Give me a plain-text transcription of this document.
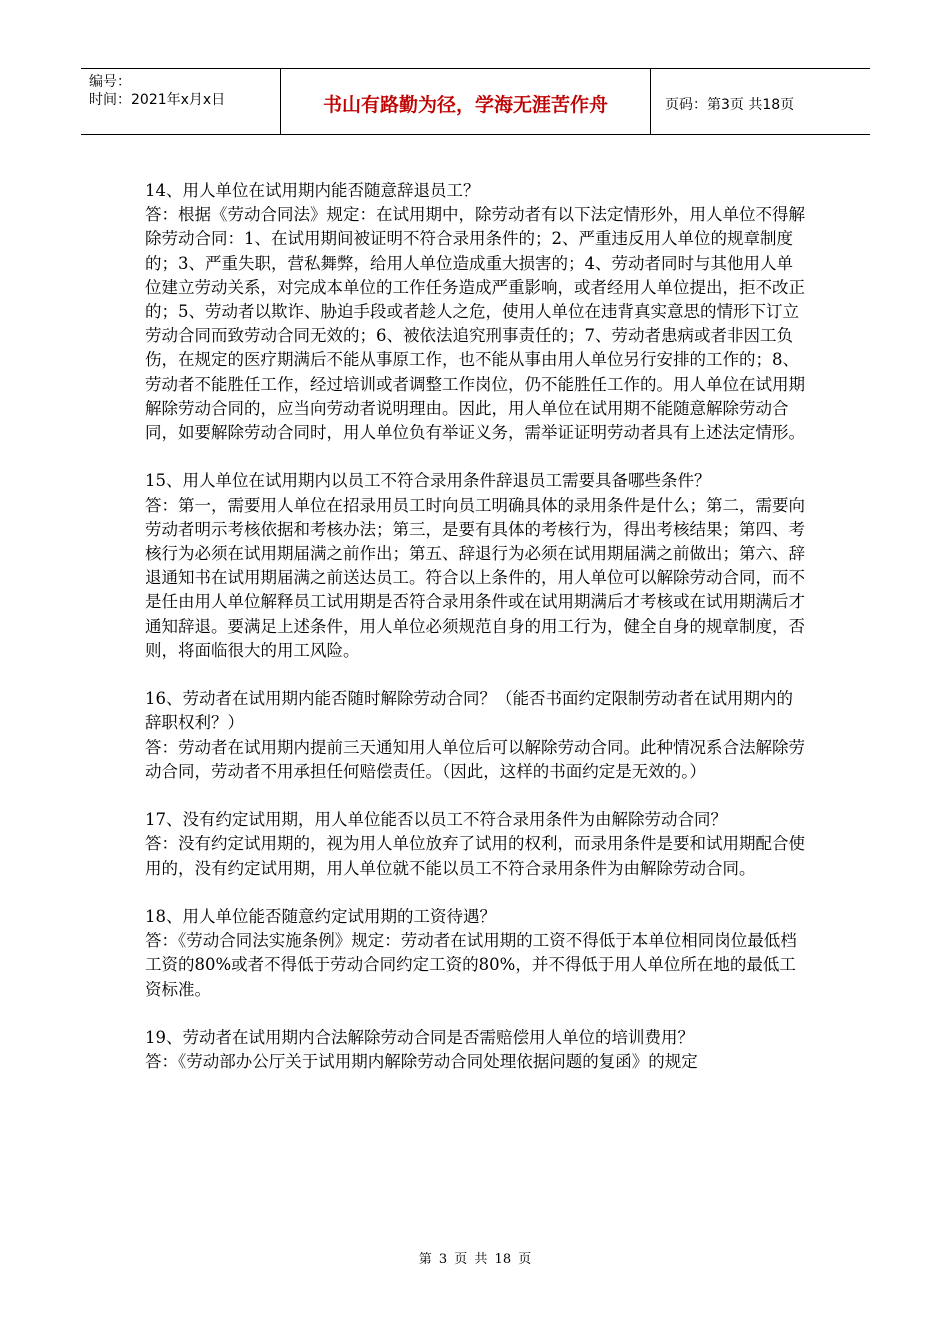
编号：
时间：2021年x月x日	书山有路勤为径，学海无涯苦作舟	页码：第3页 共18页

14、用人单位在试用期内能否随意辞退员工？

答：根据《劳动合同法》规定：在试用期中，除劳动者有以下法定情形外，用人单位不得解除劳动合同：1、在试用期间被证明不符合录用条件的；2、严重违反用人单位的规章制度的；3、严重失职，营私舞弊，给用人单位造成重大损害的；4、劳动者同时与其他用人单位建立劳动关系，对完成本单位的工作任务造成严重影响，或者经用人单位提出，拒不改正的；5、劳动者以欺诈、胁迫手段或者趁人之危，使用人单位在违背真实意思的情形下订立劳动合同而致劳动合同无效的；6、被依法追究刑事责任的；7、劳动者患病或者非因工负伤，在规定的医疗期满后不能从事原工作，也不能从事由用人单位另行安排的工作的；8、劳动者不能胜任工作，经过培训或者调整工作岗位，仍不能胜任工作的。用人单位在试用期解除劳动合同的，应当向劳动者说明理由。因此，用人单位在试用期不能随意解除劳动合同，如要解除劳动合同时，用人单位负有举证义务，需举证证明劳动者具有上述法定情形。

15、用人单位在试用期内以员工不符合录用条件辞退员工需要具备哪些条件？

答：第一，需要用人单位在招录用员工时向员工明确具体的录用条件是什么；第二，需要向劳动者明示考核依据和考核办法；第三，是要有具体的考核行为，得出考核结果；第四、考核行为必须在试用期届满之前作出；第五、辞退行为必须在试用期届满之前做出；第六、辞退通知书在试用期届满之前送达员工。符合以上条件的，用人单位可以解除劳动合同，而不是任由用人单位解释员工试用期是否符合录用条件或在试用期满后才考核或在试用期满后才通知辞退。要满足上述条件，用人单位必须规范自身的用工行为，健全自身的规章制度，否则，将面临很大的用工风险。

16、劳动者在试用期内能否随时解除劳动合同？（能否书面约定限制劳动者在试用期内的辞职权利？）

答：劳动者在试用期内提前三天通知用人单位后可以解除劳动合同。此种情况系合法解除劳动合同，劳动者不用承担任何赔偿责任。（因此，这样的书面约定是无效的。）

17、没有约定试用期，用人单位能否以员工不符合录用条件为由解除劳动合同？

答：没有约定试用期的，视为用人单位放弃了试用的权利，而录用条件是要和试用期配合使用的，没有约定试用期，用人单位就不能以员工不符合录用条件为由解除劳动合同。

18、用人单位能否随意约定试用期的工资待遇？

答：《劳动合同法实施条例》规定：劳动者在试用期的工资不得低于本单位相同岗位最低档工资的80%或者不得低于劳动合同约定工资的80%，并不得低于用人单位所在地的最低工资标准。

19、劳动者在试用期内合法解除劳动合同是否需赔偿用人单位的培训费用？

答：《劳动部办公厅关于试用期内解除劳动合同处理依据问题的复函》的规定

第 3 页 共 18 页
